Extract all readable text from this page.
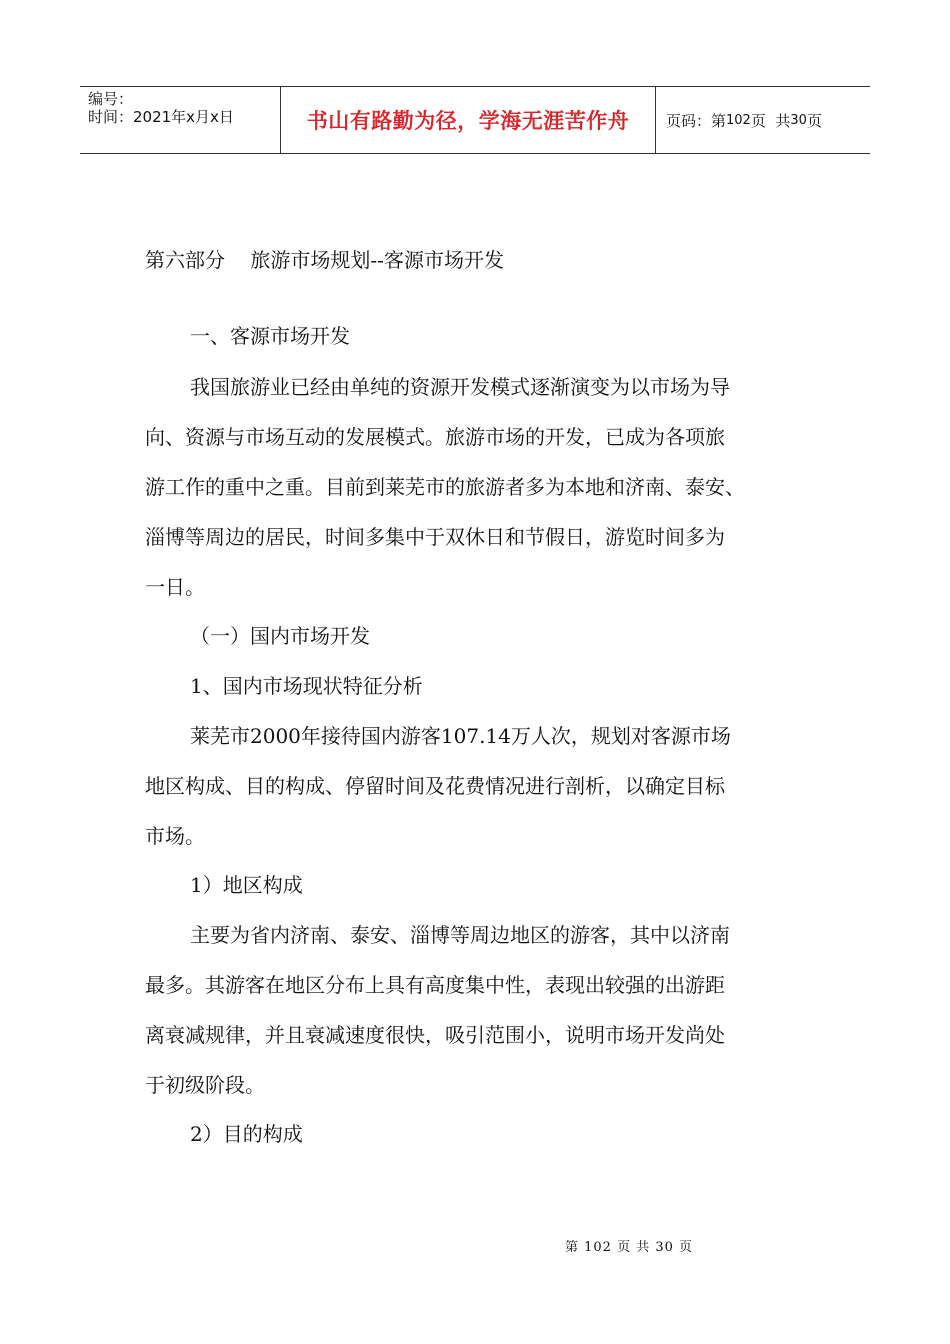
编号：
时间：2021年x月x日	书山有路勤为径，学海无涯苦作舟	页码：第 102 页  共 30 页
第六部分    旅游市场规划--客源市场开发
一、客源市场开发
我国旅游业已经由单纯的资源开发模式逐渐演变为以市场为导
向、资源与市场互动的发展模式。旅游市场的开发，已成为各项旅
游工作的重中之重。目前到莱芜市的旅游者多为本地和济南、泰安、
淄博等周边的居民，时间多集中于双休日和节假日，游览时间多为
一日。
（一）国内市场开发
1、国内市场现状特征分析
莱芜市2000年接待国内游客107.14万人次，规划对客源市场
地区构成、目的构成、停留时间及花费情况进行剖析，以确定目标
市场。
1）地区构成
主要为省内济南、泰安、淄博等周边地区的游客，其中以济南
最多。其游客在地区分布上具有高度集中性，表现出较强的出游距
离衰减规律，并且衰减速度很快，吸引范围小，说明市场开发尚处
于初级阶段。
2）目的构成
第 102 页 共 30 页
